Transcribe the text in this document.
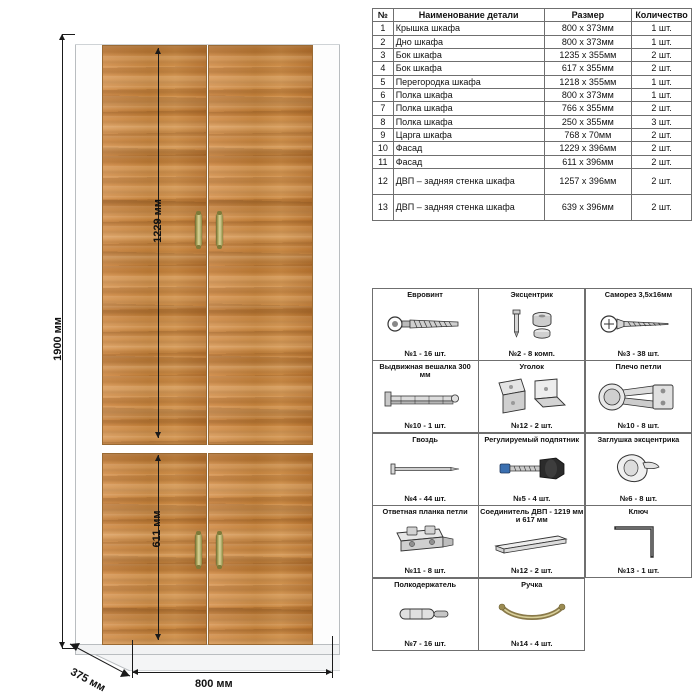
1900 мм
1229 мм
611 мм
800 мм
375 мм
№	Наименование детали	Размер	Количество
1	Крышка шкафа	800 x 373мм	1 шт.
2	Дно шкафа	800 x 373мм	1 шт.
3	Бок шкафа	1235 x 355мм	2 шт.
4	Бок шкафа	617 x 355мм	2 шт.
5	Перегородка шкафа	1218 x 355мм	1 шт.
6	Полка шкафа	800 x 373мм	1 шт.
7	Полка шкафа	766 x 355мм	2 шт.
8	Полка шкафа	250 x 355мм	3 шт.
9	Царга шкафа	768 x 70мм	2 шт.
10	Фасад	1229 x 396мм	2 шт.
11	Фасад	611 x 396мм	2 шт.
12	ДВП – задняя стенка шкафа	1257 x 396мм	2 шт.
13	ДВП – задняя стенка шкафа	639 x 396мм	2 шт.
Евровинт
№1 - 16 шт.
Эксцентрик
№2 - 8 комп.
Саморез 3,5x16мм
№3 - 38 шт.
Выдвижная вешалка 300 мм
№10 - 1 шт.
Уголок
№12 - 2 шт.
Плечо петли
№10 - 8 шт.
Гвоздь
№4 - 44 шт.
Регулируемый подпятник
№5 - 4 шт.
Заглушка эксцентрика
№6 - 8 шт.
Ответная планка петли
№11 - 8 шт.
Соединитель ДВП - 1219 мм и 617 мм
№12 - 2 шт.
Ключ
№13 - 1 шт.
Полкодержатель
№7 - 16 шт.
Ручка
№14 - 4 шт.
